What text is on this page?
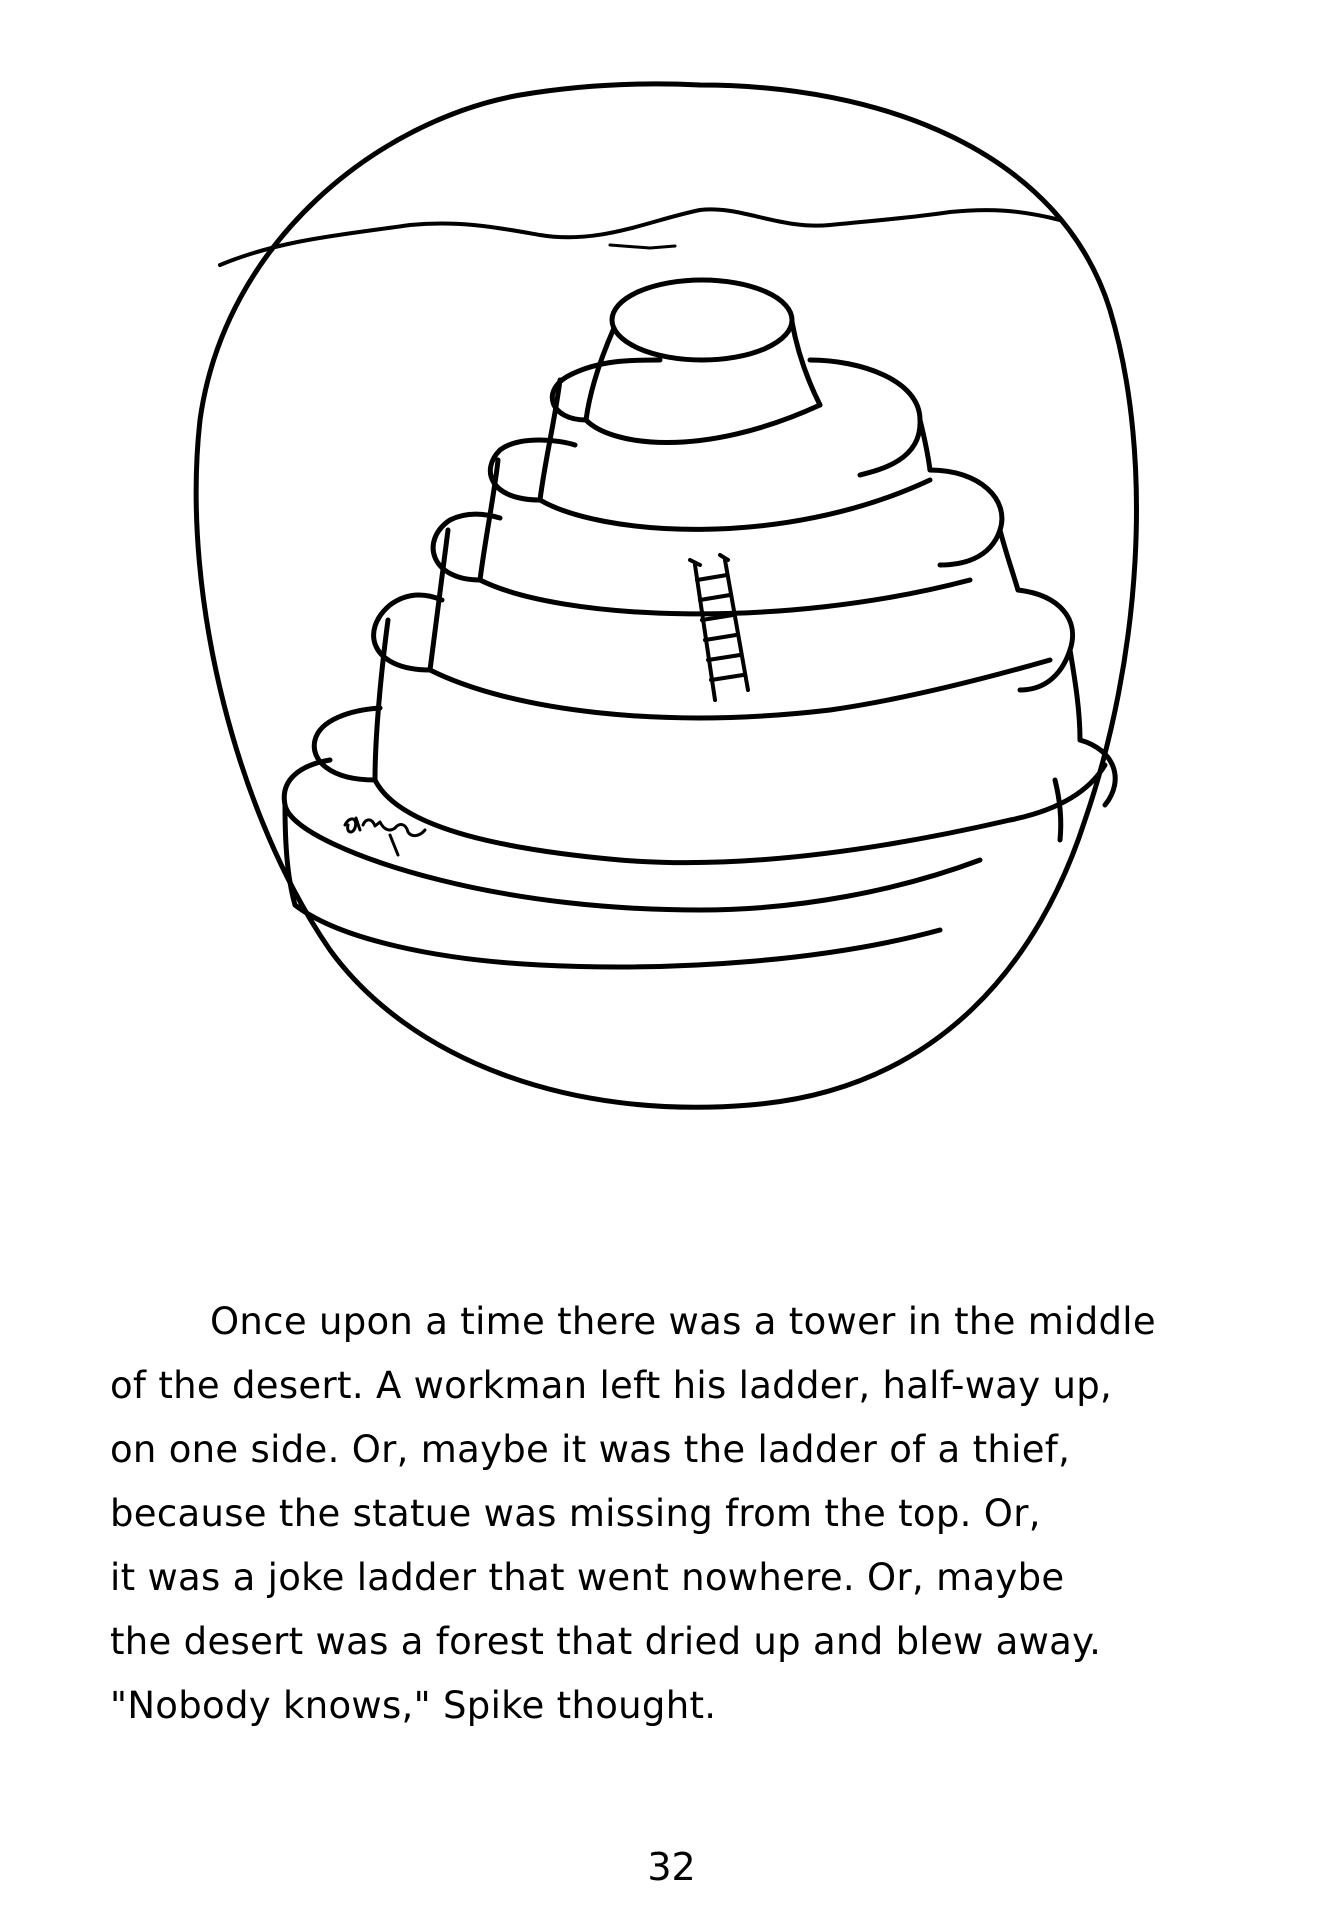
Once upon a time there was a tower in the middle
of the desert. A workman left his ladder, half-way up,
on one side. Or, maybe it was the ladder of a thief,
because the statue was missing from the top. Or,
it was a joke ladder that went nowhere. Or, maybe
the desert was a forest that dried up and blew away.
"Nobody knows," Spike thought.
32
